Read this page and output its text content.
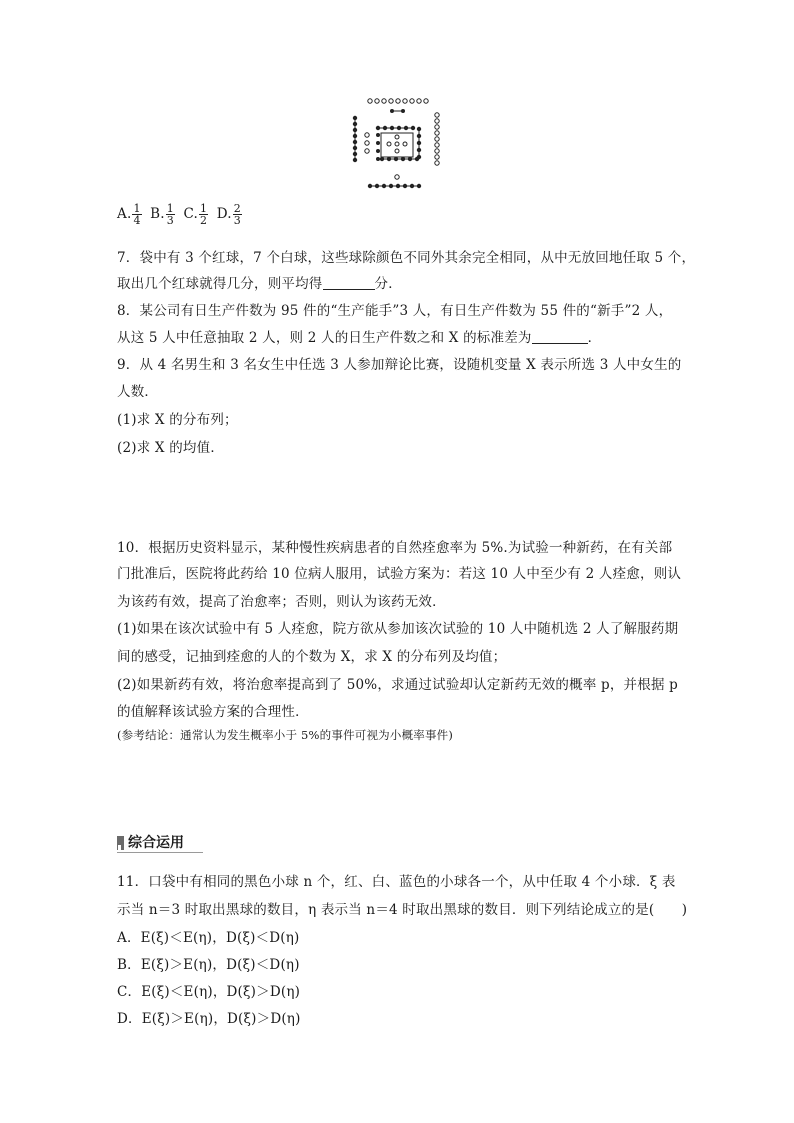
A. $\frac{1}{4} B$. $\frac{1}{3} C$. $\frac{1}{2} D$. $\frac{2}{3}$
7．袋中有 3 个红球，7 个白球，这些球除颜色不同外其余完全相同，从中无放回地任取 5 个，
取出几个红球就得几分，则平均得	分．
8．某公司有日生产件数为 95 件的“生产能手”3 人，有日生产件数为 55 件的“新手”2 人，
从这 5 人中任意抽取 2 人，则 2 人的日生产件数之和 X 的标准差为	．
9．从 4 名男生和 3 名女生中任选 3 人参加辩论比赛，设随机变量 X 表示所选 3 人中女生的
人数．
(1)求 X 的分布列；
(2)求 X 的均值．
10．根据历史资料显示，某种慢性疾病患者的自然痊愈率为 5%.为试验一种新药，在有关部
门批准后，医院将此药给 10 位病人服用，试验方案为：若这 10 人中至少有 2 人痊愈，则认
为该药有效，提高了治愈率；否则，则认为该药无效．
(1)如果在该次试验中有 5 人痊愈，院方欲从参加该次试验的 10 人中随机选 2 人了解服药期
间的感受，记抽到痊愈的人的个数为 X，求 X 的分布列及均值；
(2)如果新药有效，将治愈率提高到了 50%，求通过试验却认定新药无效的概率 p，并根据 p
的值解释该试验方案的合理性．
(参考结论：通常认为发生概率小于 5%的事件可视为小概率事件)
综合运用
11．口袋中有相同的黑色小球 n 个，红、白、蓝色的小球各一个，从中任取 4 个小球．ξ 表
示当 n＝3 时取出黑球的数目，η 表示当 n＝4 时取出黑球的数目．则下列结论成立的是(　　)
A．E(ξ)＜E(η)，D(ξ)＜D(η)
B．E(ξ)＞E(η)，D(ξ)＜D(η)
C．E(ξ)＜E(η)，D(ξ)＞D(η)
D．E(ξ)＞E(η)，D(ξ)＞D(η)
